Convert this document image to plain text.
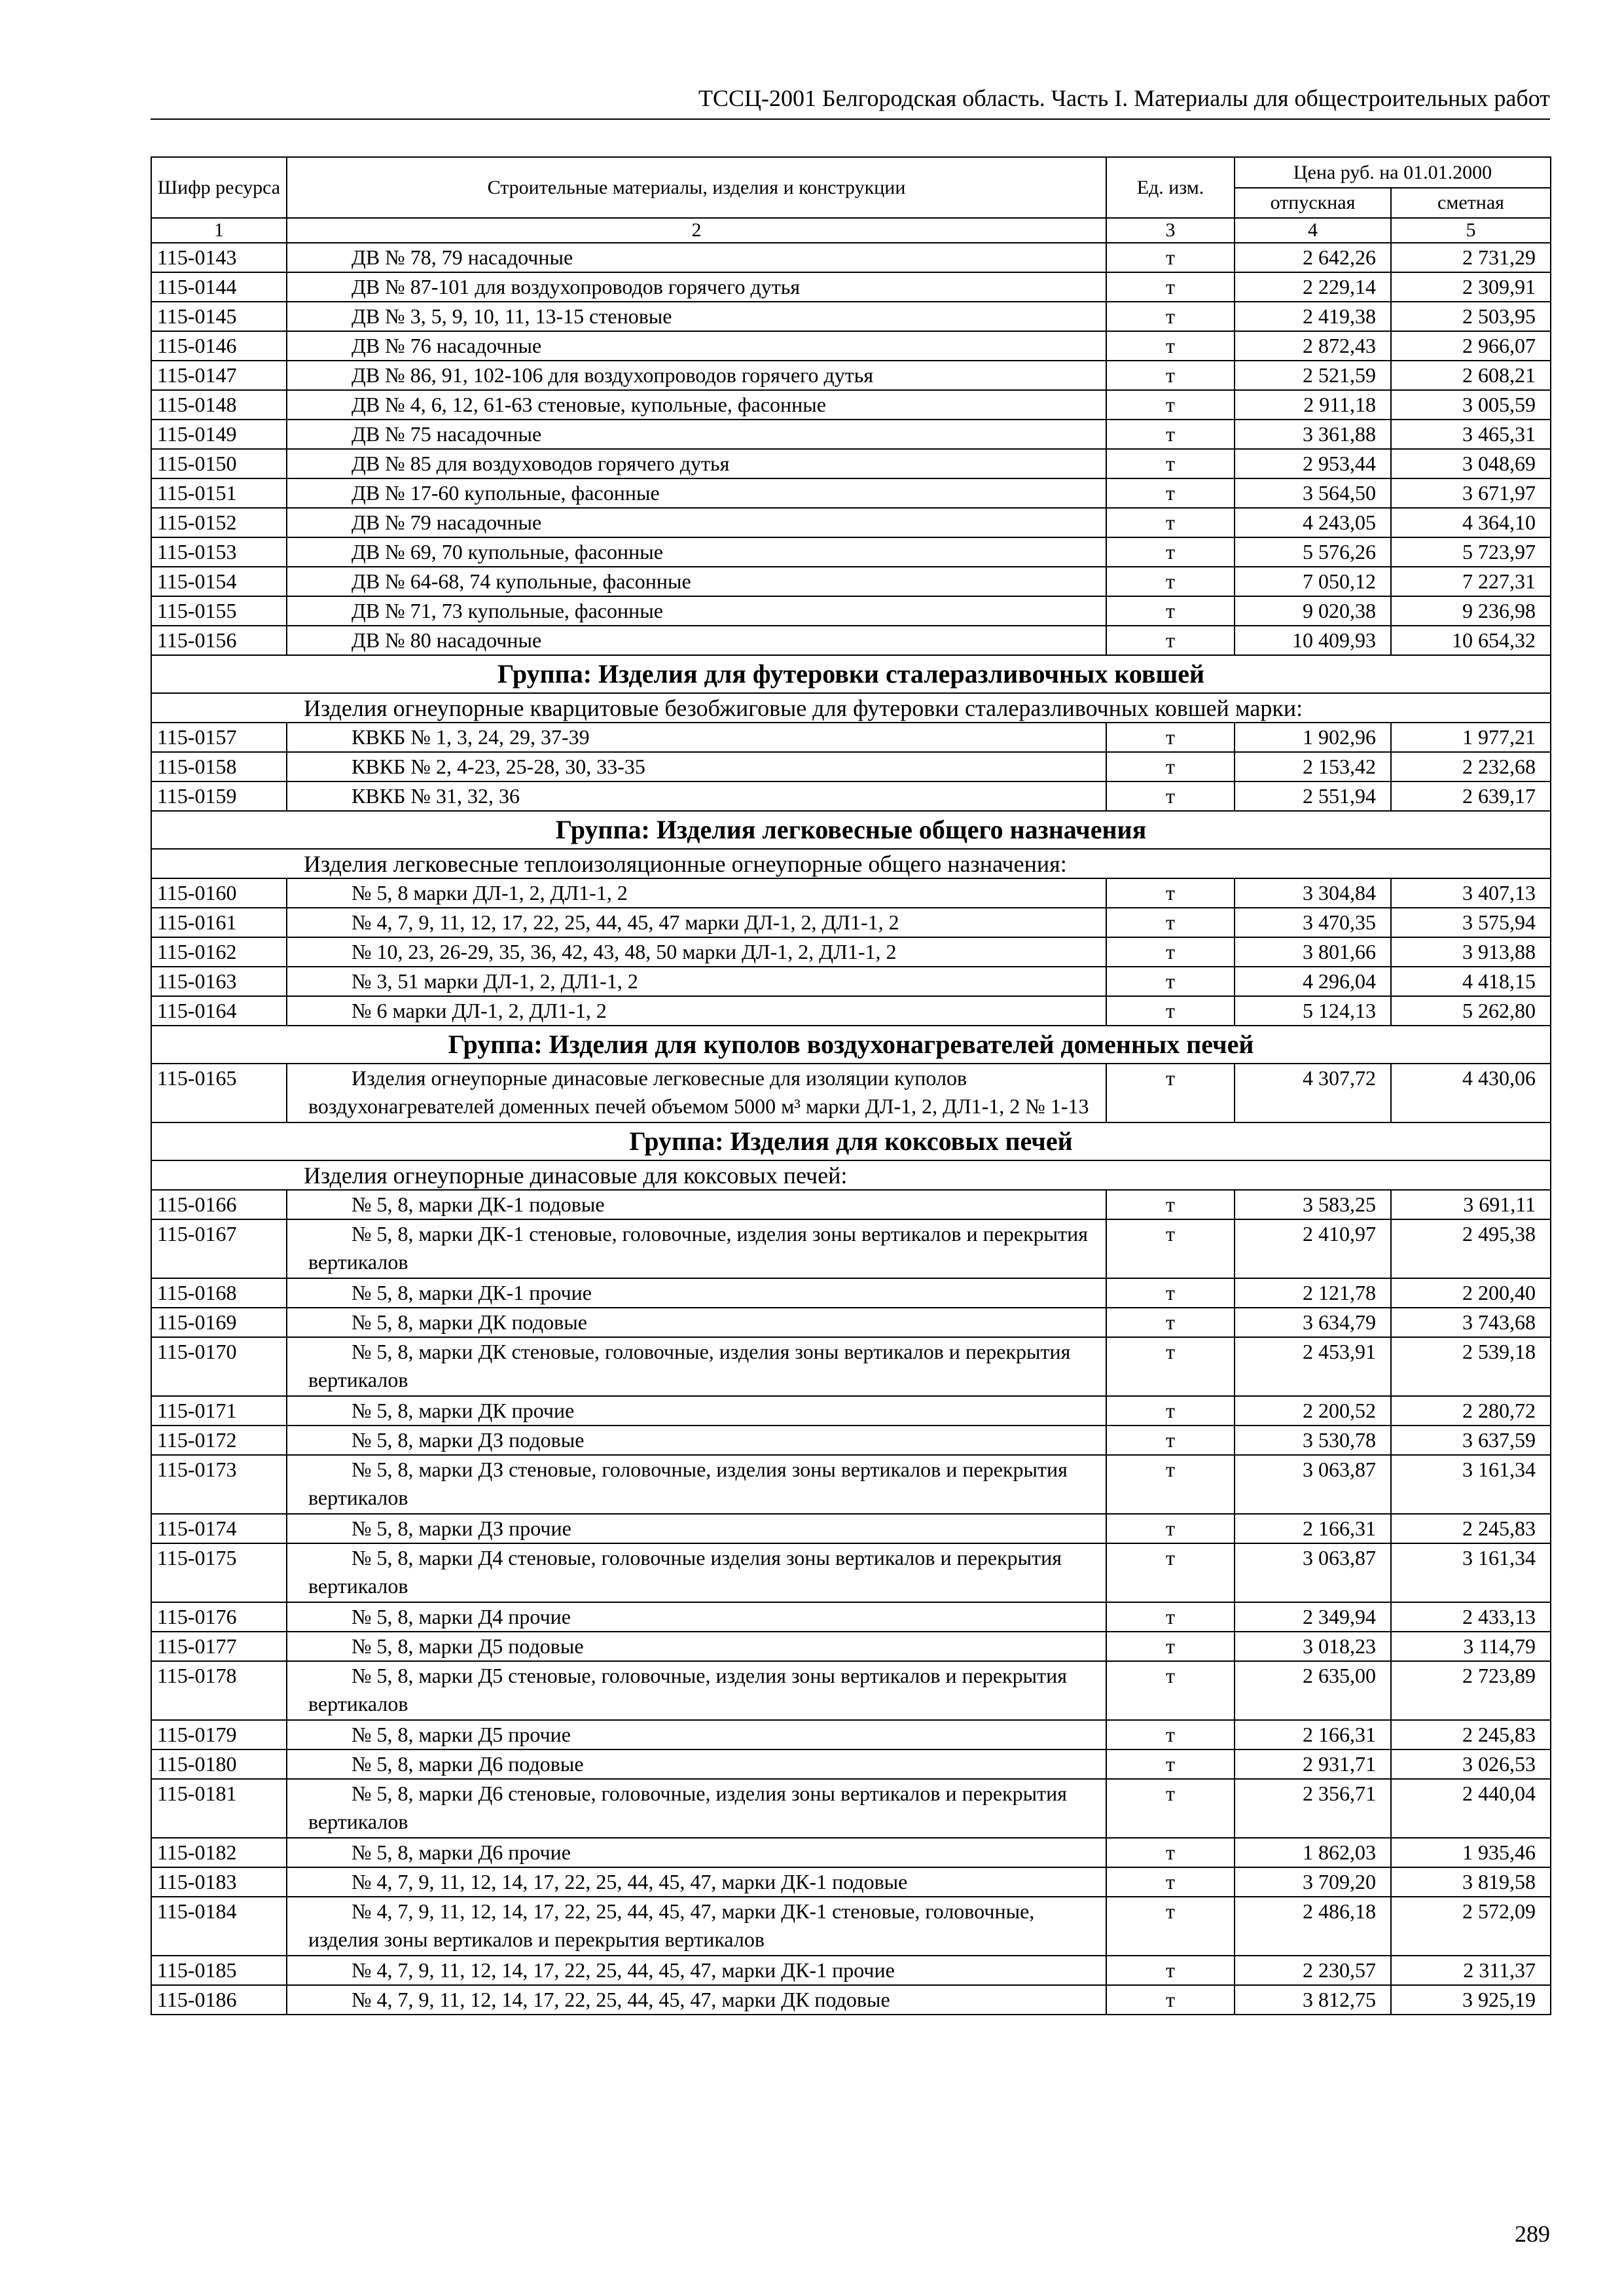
ТССЦ-2001 Белгородская область. Часть I. Материалы для общестроительных работ
Шифр ресурса	Строительные материалы, изделия и конструкции	Ед. изм.	Цена руб. на 01.01.2000	
			отпускная	сметная
1	2	3	4	5
115-0143	ДВ № 78, 79 насадочные	т	2 642,26	2 731,29
115-0144	ДВ № 87-101 для воздухопроводов горячего дутья	т	2 229,14	2 309,91
115-0145	ДВ № 3, 5, 9, 10, 11, 13-15 стеновые	т	2 419,38	2 503,95
115-0146	ДВ № 76 насадочные	т	2 872,43	2 966,07
115-0147	ДВ № 86, 91, 102-106 для воздухопроводов горячего дутья	т	2 521,59	2 608,21
115-0148	ДВ № 4, 6, 12, 61-63 стеновые, купольные, фасонные	т	2 911,18	3 005,59
115-0149	ДВ № 75 насадочные	т	3 361,88	3 465,31
115-0150	ДВ № 85 для воздуховодов горячего дутья	т	2 953,44	3 048,69
115-0151	ДВ № 17-60 купольные, фасонные	т	3 564,50	3 671,97
115-0152	ДВ № 79 насадочные	т	4 243,05	4 364,10
115-0153	ДВ № 69, 70 купольные, фасонные	т	5 576,26	5 723,97
115-0154	ДВ № 64-68, 74 купольные, фасонные	т	7 050,12	7 227,31
115-0155	ДВ № 71, 73 купольные, фасонные	т	9 020,38	9 236,98
115-0156	ДВ № 80 насадочные	т	10 409,93	10 654,32
Группа: Изделия для футеровки сталеразливочных ковшей				
Изделия огнеупорные кварцитовые безобжиговые для футеровки сталеразливочных ковшей марки:				
115-0157	КВКБ № 1, 3, 24, 29, 37-39	т	1 902,96	1 977,21
115-0158	КВКБ № 2, 4-23, 25-28, 30, 33-35	т	2 153,42	2 232,68
115-0159	КВКБ № 31, 32, 36	т	2 551,94	2 639,17
Группа: Изделия легковесные общего назначения				
Изделия легковесные теплоизоляционные огнеупорные общего назначения:				
115-0160	№ 5, 8 марки ДЛ-1, 2, ДЛ1-1, 2	т	3 304,84	3 407,13
115-0161	№ 4, 7, 9, 11, 12, 17, 22, 25, 44, 45, 47 марки ДЛ-1, 2, ДЛ1-1, 2	т	3 470,35	3 575,94
115-0162	№ 10, 23, 26-29, 35, 36, 42, 43, 48, 50 марки ДЛ-1, 2, ДЛ1-1, 2	т	3 801,66	3 913,88
115-0163	№ 3, 51 марки ДЛ-1, 2, ДЛ1-1, 2	т	4 296,04	4 418,15
115-0164	№ 6 марки ДЛ-1, 2, ДЛ1-1, 2	т	5 124,13	5 262,80
Группа: Изделия для куполов воздухонагревателей доменных печей				
115-0165	Изделия огнеупорные динасовые легковесные для изоляции куполов воздухонагревателей доменных печей объемом 5000 м³ марки ДЛ-1, 2, ДЛ1-1, 2 № 1-13	т	4 307,72	4 430,06
Группа: Изделия для коксовых печей				
Изделия огнеупорные динасовые для коксовых печей:				
115-0166	№ 5, 8, марки ДК-1 подовые	т	3 583,25	3 691,11
115-0167	№ 5, 8, марки ДК-1 стеновые, головочные, изделия зоны вертикалов и перекрытия вертикалов	т	2 410,97	2 495,38
115-0168	№ 5, 8, марки ДК-1 прочие	т	2 121,78	2 200,40
115-0169	№ 5, 8, марки ДК подовые	т	3 634,79	3 743,68
115-0170	№ 5, 8, марки ДК стеновые, головочные, изделия зоны вертикалов и перекрытия вертикалов	т	2 453,91	2 539,18
115-0171	№ 5, 8, марки ДК прочие	т	2 200,52	2 280,72
115-0172	№ 5, 8, марки ДЗ подовые	т	3 530,78	3 637,59
115-0173	№ 5, 8, марки ДЗ стеновые, головочные, изделия зоны вертикалов и перекрытия вертикалов	т	3 063,87	3 161,34
115-0174	№ 5, 8, марки ДЗ прочие	т	2 166,31	2 245,83
115-0175	№ 5, 8, марки Д4 стеновые, головочные изделия зоны вертикалов и перекрытия вертикалов	т	3 063,87	3 161,34
115-0176	№ 5, 8, марки Д4 прочие	т	2 349,94	2 433,13
115-0177	№ 5, 8, марки Д5 подовые	т	3 018,23	3 114,79
115-0178	№ 5, 8, марки Д5 стеновые, головочные, изделия зоны вертикалов и перекрытия вертикалов	т	2 635,00	2 723,89
115-0179	№ 5, 8, марки Д5 прочие	т	2 166,31	2 245,83
115-0180	№ 5, 8, марки Д6 подовые	т	2 931,71	3 026,53
115-0181	№ 5, 8, марки Д6 стеновые, головочные, изделия зоны вертикалов и перекрытия вертикалов	т	2 356,71	2 440,04
115-0182	№ 5, 8, марки Д6 прочие	т	1 862,03	1 935,46
115-0183	№ 4, 7, 9, 11, 12, 14, 17, 22, 25, 44, 45, 47, марки ДК-1 подовые	т	3 709,20	3 819,58
115-0184	№ 4, 7, 9, 11, 12, 14, 17, 22, 25, 44, 45, 47, марки ДК-1 стеновые, головочные, изделия зоны вертикалов и перекрытия вертикалов	т	2 486,18	2 572,09
115-0185	№ 4, 7, 9, 11, 12, 14, 17, 22, 25, 44, 45, 47, марки ДК-1 прочие	т	2 230,57	2 311,37
115-0186	№ 4, 7, 9, 11, 12, 14, 17, 22, 25, 44, 45, 47, марки ДК подовые	т	3 812,75	3 925,19
289
